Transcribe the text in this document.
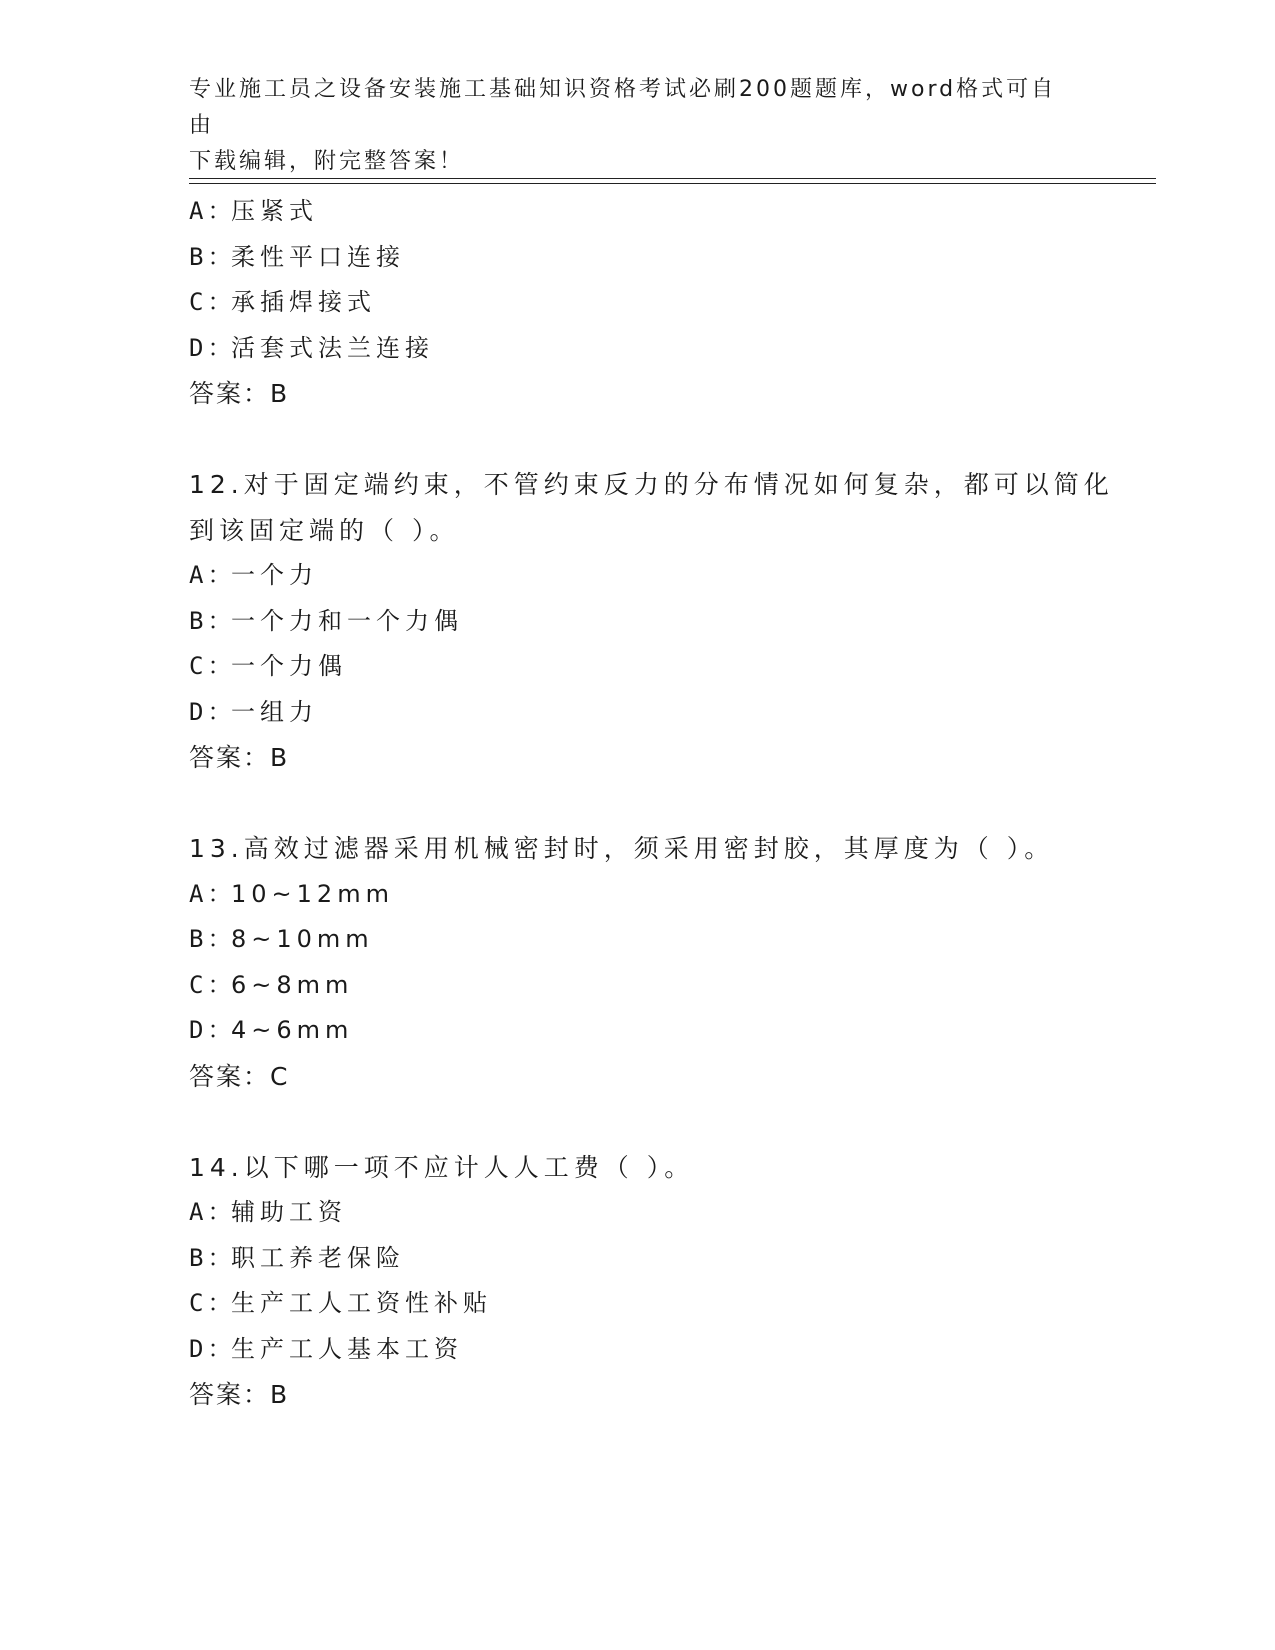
专业施工员之设备安装施工基础知识资格考试必刷200题题库，word格式可自由
下载编辑，附完整答案！
A：压紧式
B：柔性平口连接
C：承插焊接式
D：活套式法兰连接
答案：B
12.对于固定端约束，不管约束反力的分布情况如何复杂，都可以简化
到该固定端的（ ）。
A：一个力
B：一个力和一个力偶
C：一个力偶
D：一组力
答案：B
13.高效过滤器采用机械密封时，须采用密封胶，其厚度为（ ）。
A：10~12mm
B：8~10mm
C：6~8mm
D：4~6mm
答案：C
14.以下哪一项不应计人人工费（ ）。
A：辅助工资
B：职工养老保险
C：生产工人工资性补贴
D：生产工人基本工资
答案：B
